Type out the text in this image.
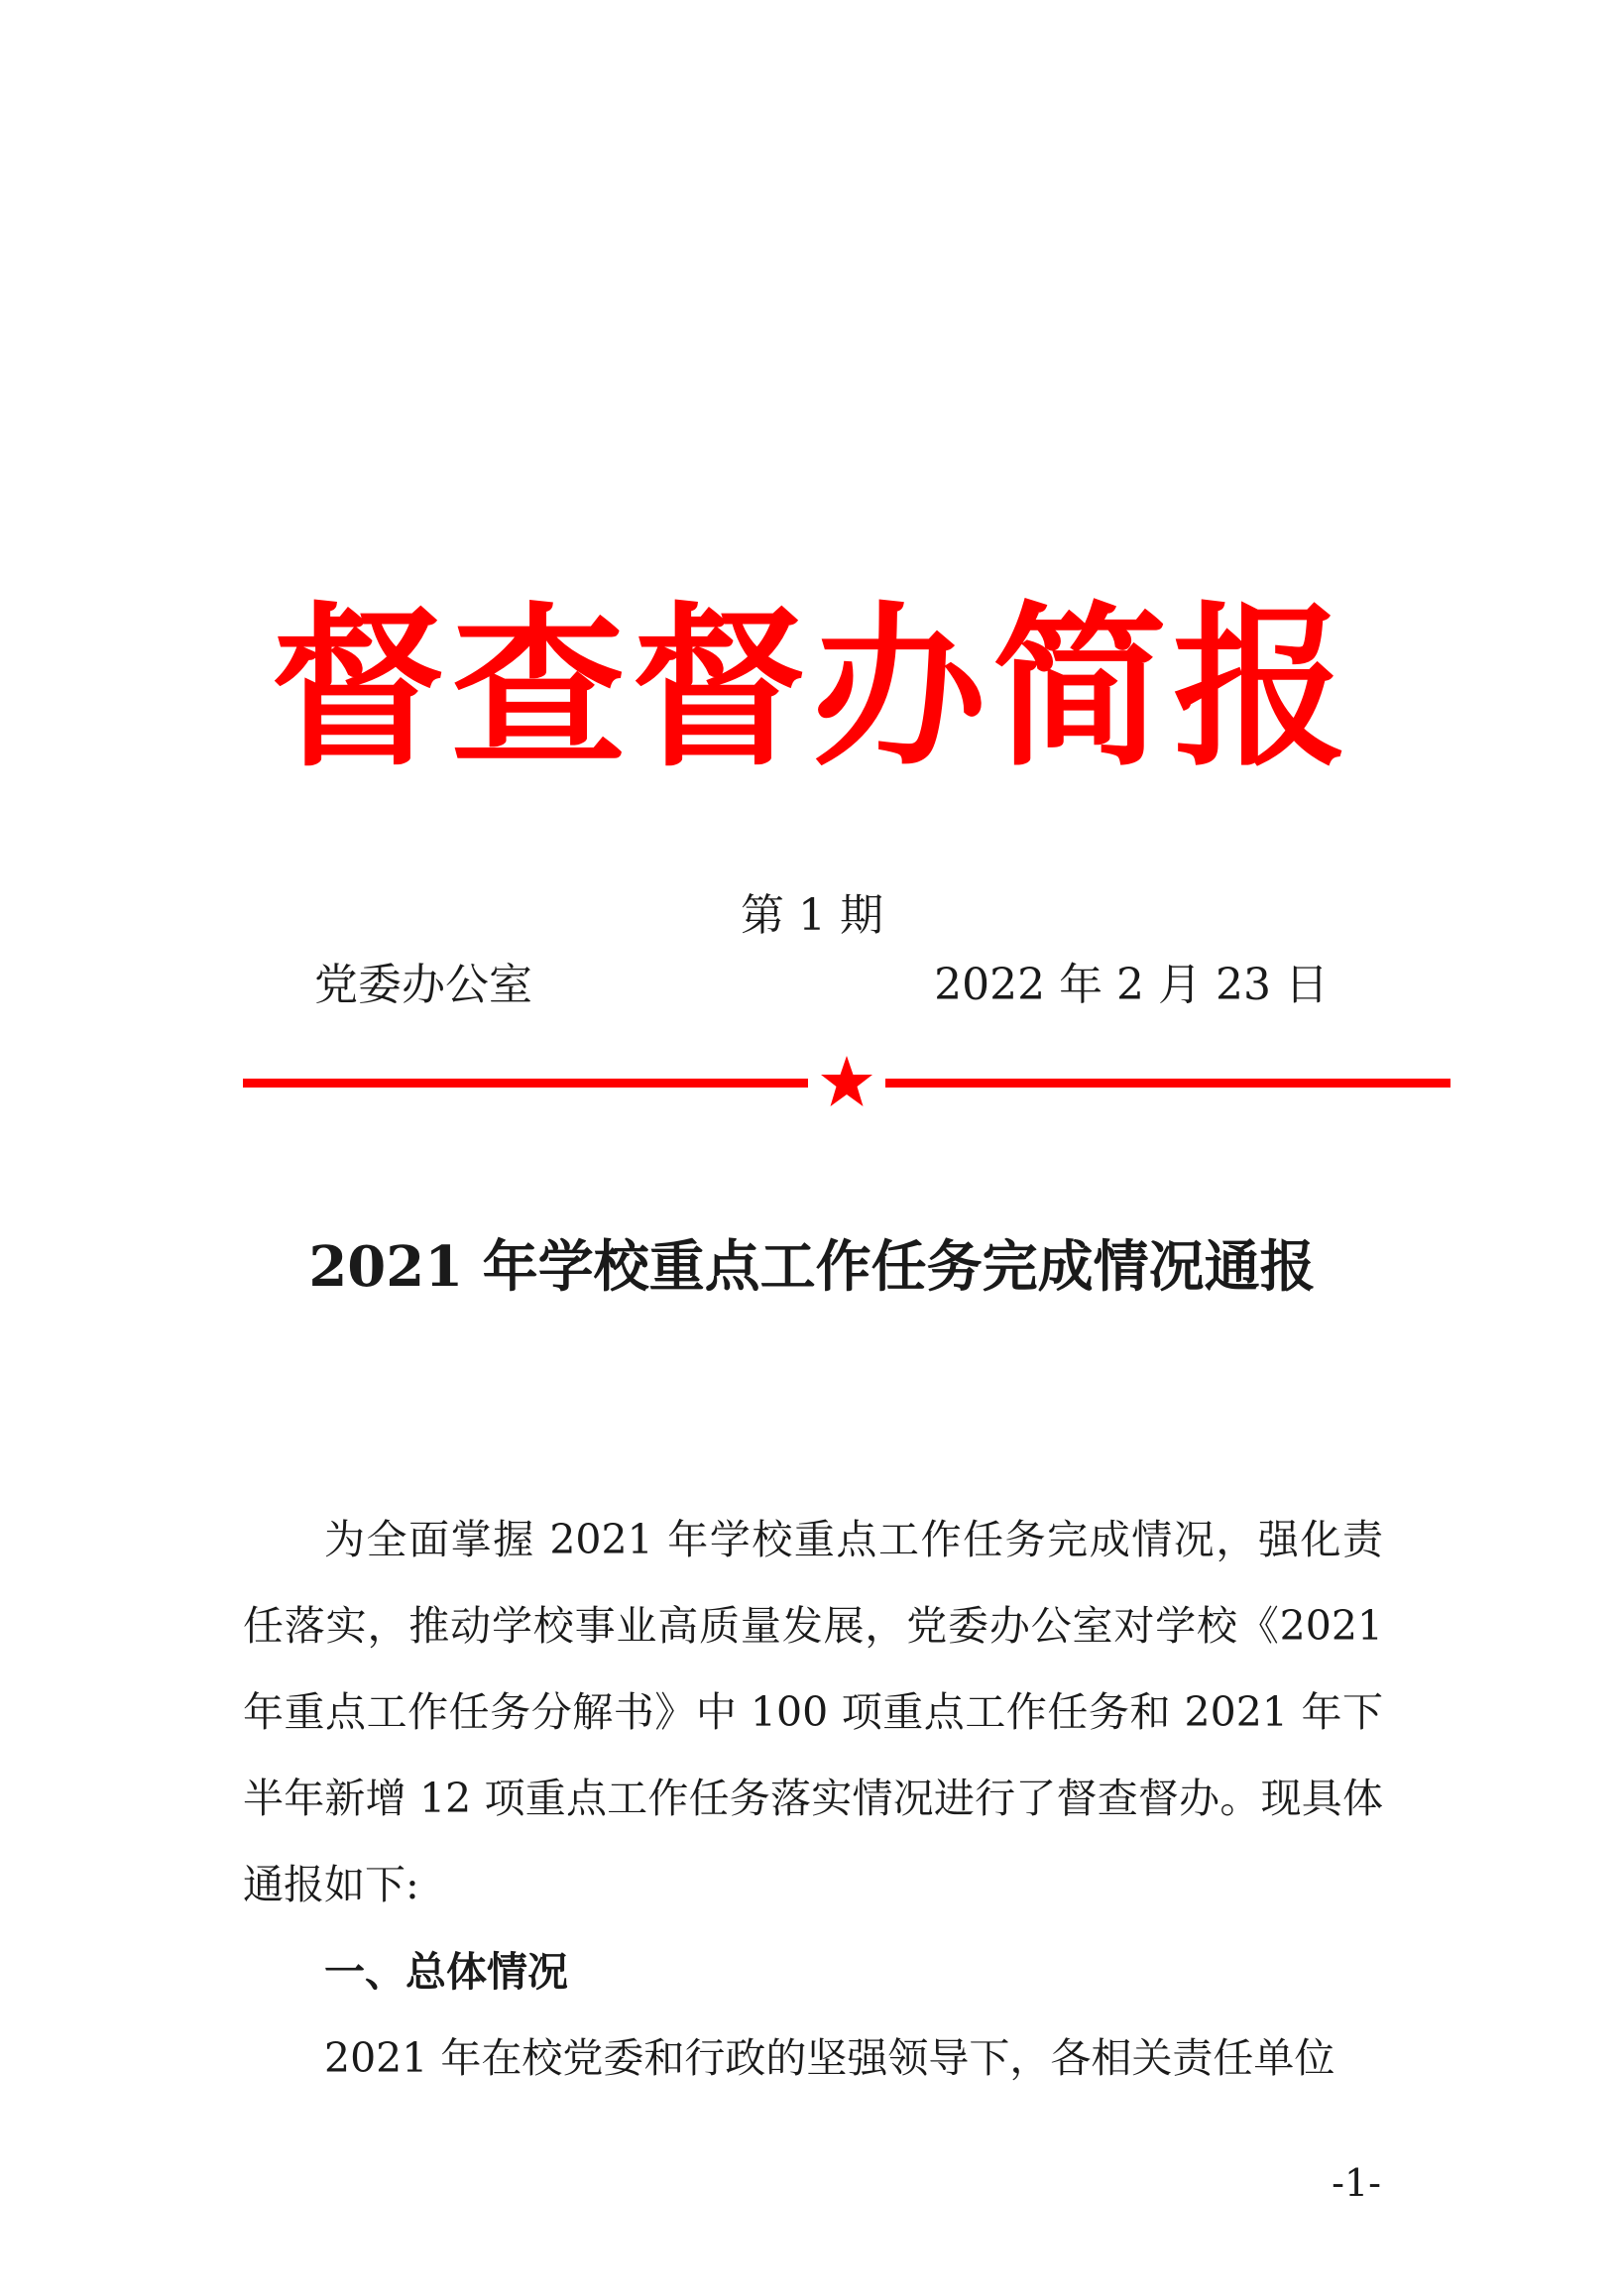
督查督办简报
第 1 期
党委办公室	2022 年 2 月 23 日
2021 年学校重点工作任务完成情况通报

为全面掌握 2021 年学校重点工作任务完成情况，强化责任落实，推动学校事业高质量发展，党委办公室对学校《2021 年重点工作任务分解书》中 100 项重点工作任务和 2021 年下半年新增 12 项重点工作任务落实情况进行了督查督办。现具体通报如下:

一、总体情况

2021 年在校党委和行政的坚强领导下，各相关责任单位

-1-
